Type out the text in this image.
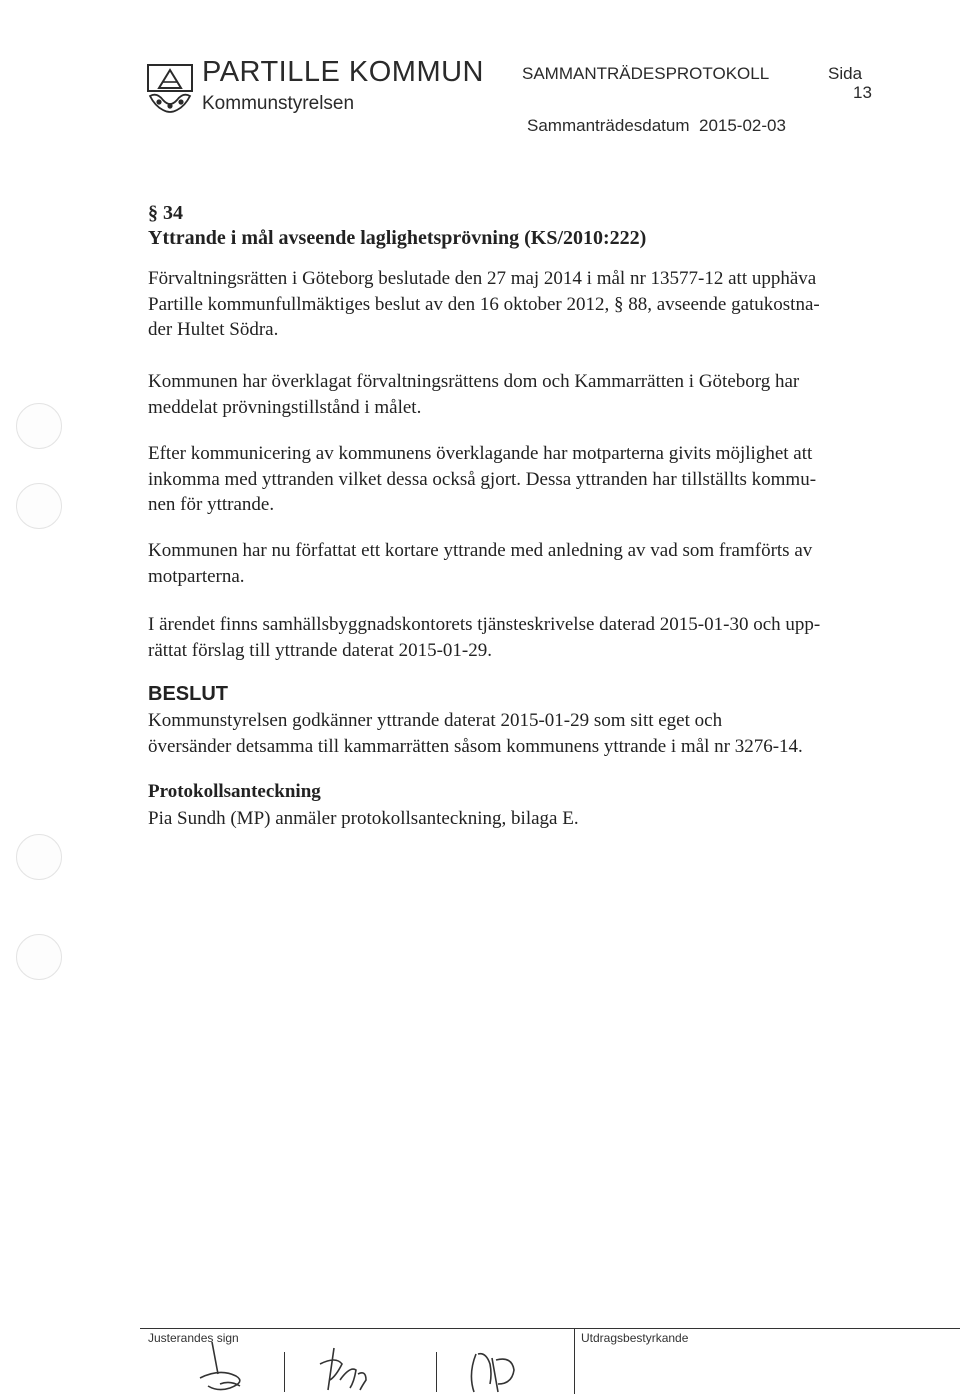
PARTILLE KOMMUN
Kommunstyrelsen
SAMMANTRÄDESPROTOKOLL	Sida
13
Sammanträdesdatum 2015-02-03
§ 34
Yttrande i mål avseende laglighetsprövning (KS/2010:222)

Förvaltningsrätten i Göteborg beslutade den 27 maj 2014 i mål nr 13577-12 att upphäva
Partille kommunfullmäktiges beslut av den 16 oktober 2012, § 88, avseende gatukostna-
der Hultet Södra.

Kommunen har överklagat förvaltningsrättens dom och Kammarrätten i Göteborg har
meddelat prövningstillstånd i målet.

Efter kommunicering av kommunens överklagande har motparterna givits möjlighet att
inkomma med yttranden vilket dessa också gjort. Dessa yttranden har tillställts kommu-
nen för yttrande.

Kommunen har nu författat ett kortare yttrande med anledning av vad som framförts av
motparterna.

I ärendet finns samhällsbyggnadskontorets tjänsteskrivelse daterad 2015-01-30 och upp-
rättat förslag till yttrande daterat 2015-01-29.

BESLUT

Kommunstyrelsen godkänner yttrande daterat 2015-01-29 som sitt eget och
översänder detsamma till kammarrätten såsom kommunens yttrande i mål nr 3276-14.

Protokollsanteckning

Pia Sundh (MP) anmäler protokollsanteckning, bilaga E.

Justerandes sign	Utdragsbestyrkande
